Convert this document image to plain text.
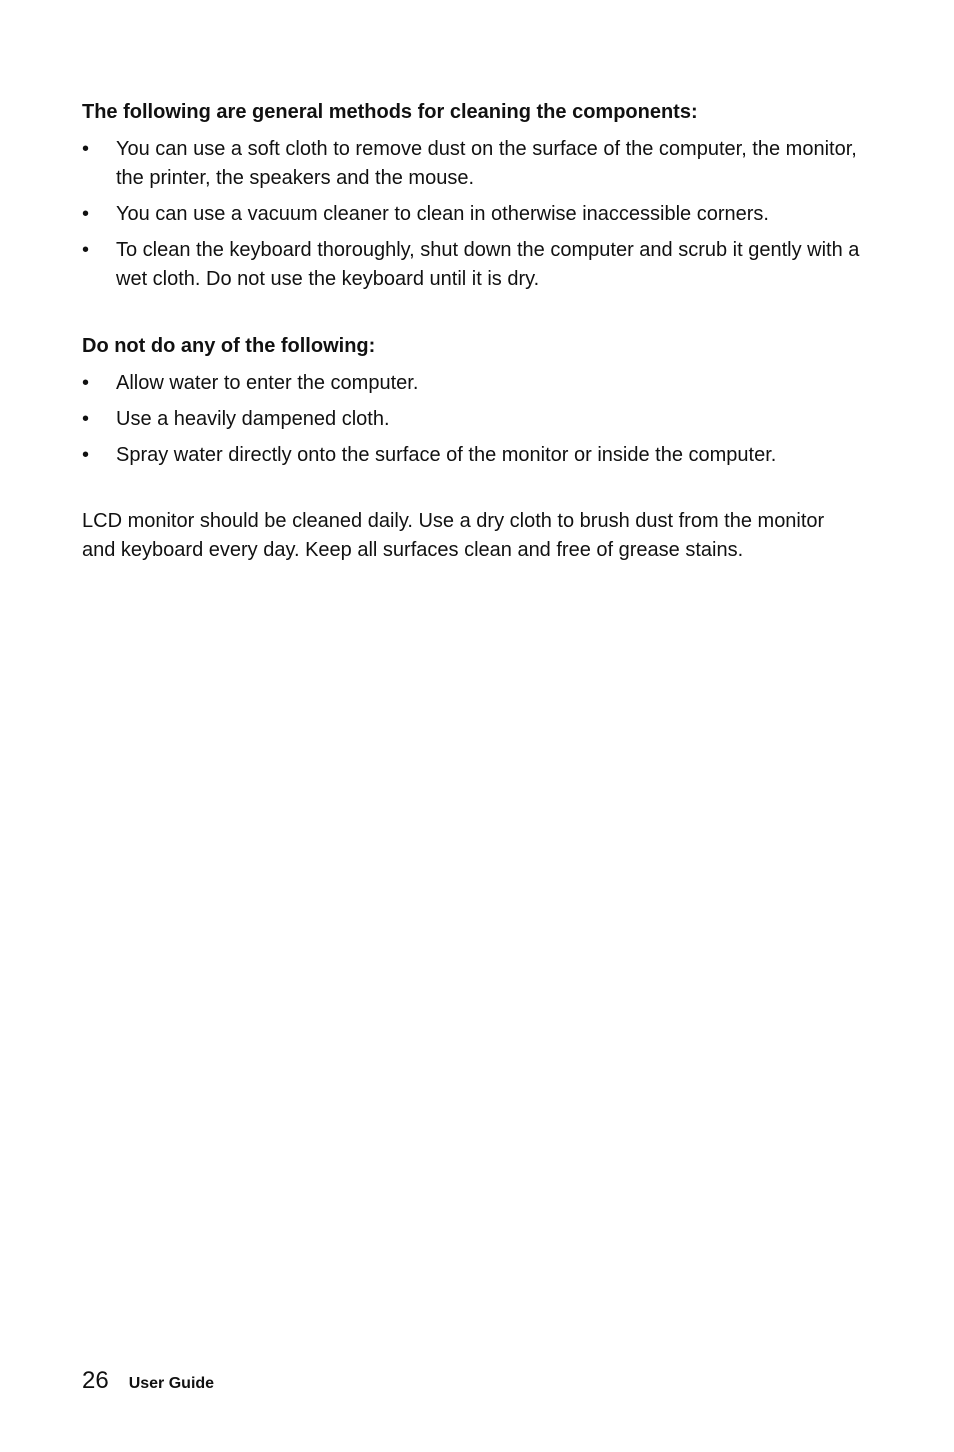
The following are general methods for cleaning the components:
•	You can use a soft cloth to remove dust on the surface of the computer, the monitor, the printer, the speakers and the mouse.
•	You can use a vacuum cleaner to clean in otherwise inaccessible corners.
•	To clean the keyboard thoroughly, shut down the computer and scrub it gently with a wet cloth. Do not use the keyboard until it is dry.
Do not do any of the following:
•	Allow water to enter the computer.
•	Use a heavily dampened cloth.
•	Spray water directly onto the surface of the monitor or inside the computer.
LCD monitor should be cleaned daily. Use a dry cloth to brush dust from the monitor and keyboard every day. Keep all surfaces clean and free of grease stains.
26 User Guide
